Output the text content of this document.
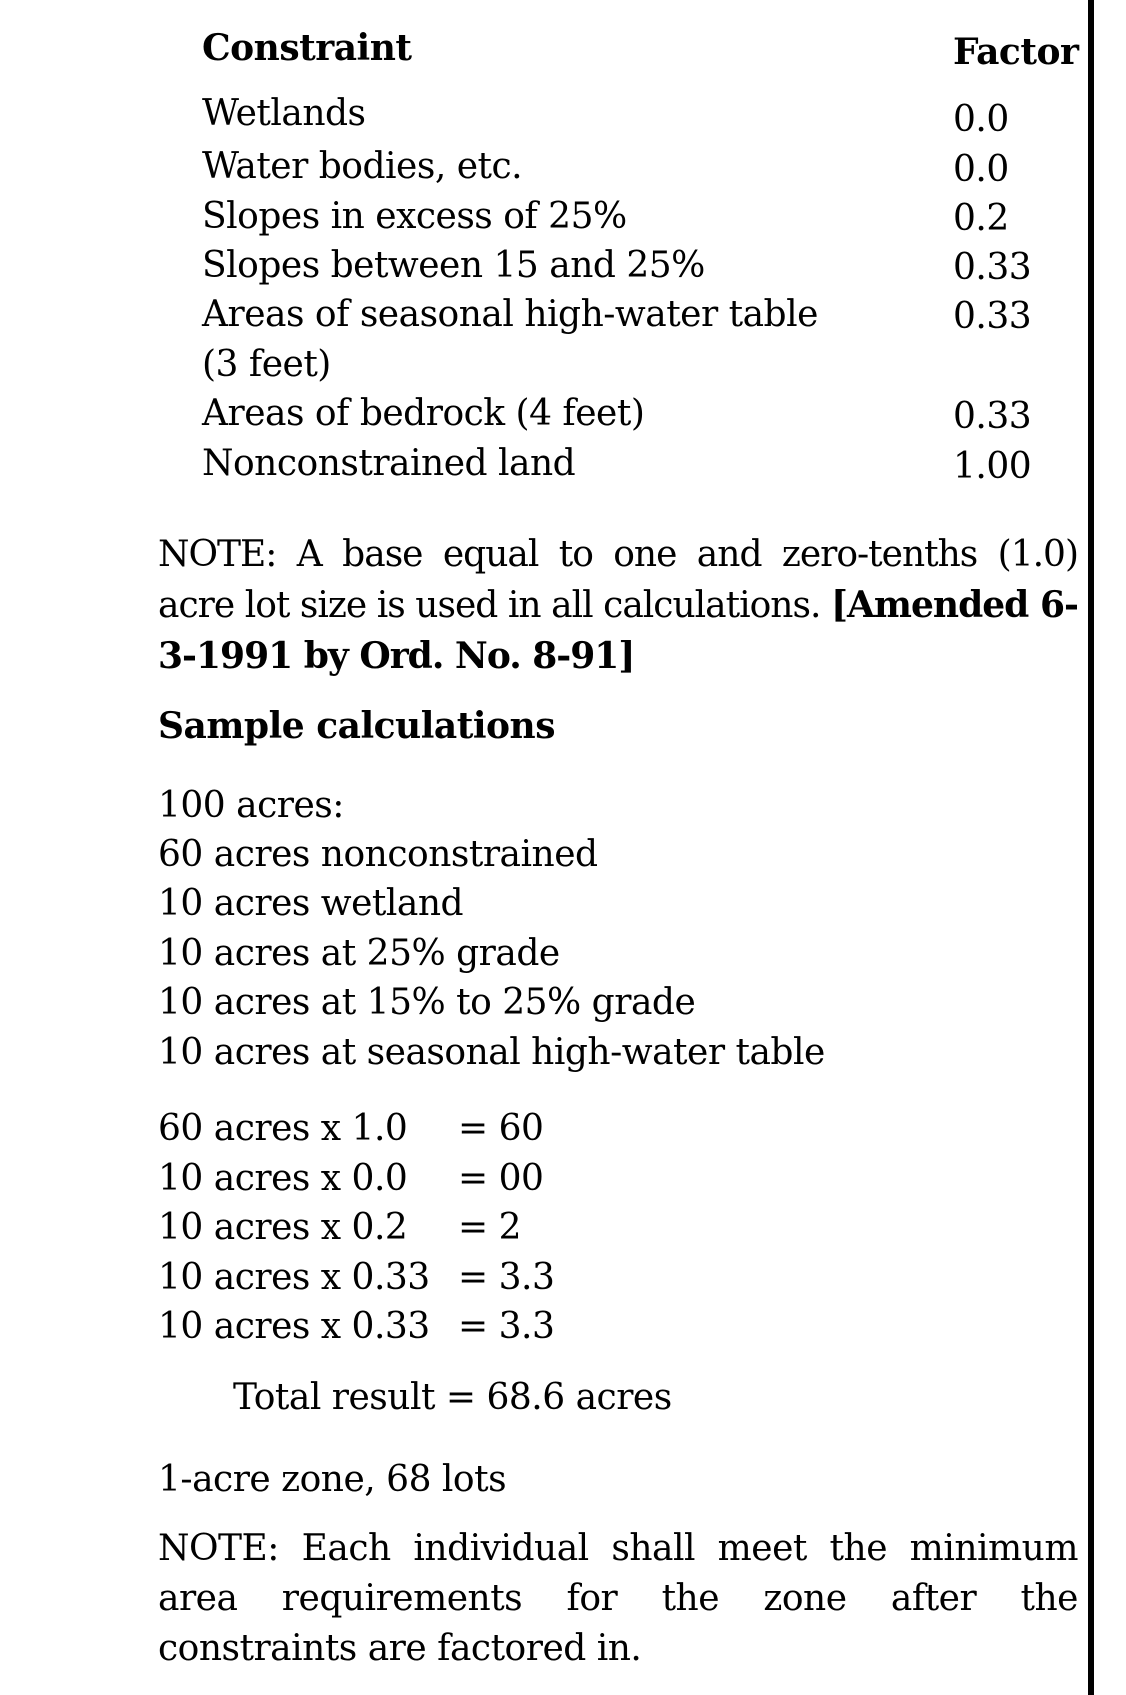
Constraint	Factor
Wetlands	0.0
Water bodies, etc.	0.0
Slopes in excess of 25%	0.2
Slopes between 15 and 25%	0.33
Areas of seasonal high-water table	0.33
(3 feet)
Areas of bedrock (4 feet)	0.33
Nonconstrained land	1.00
NOTE: A base equal to one and zero-tenths (1.0) acre lot size is used in all calculations. [Amended 6-3-1991 by Ord. No. 8-91]
Sample calculations
100 acres:
60 acres nonconstrained
10 acres wetland
10 acres at 25% grade
10 acres at 15% to 25% grade
10 acres at seasonal high-water table
60 acres x 1.0 = 60
10 acres x 0.0 = 00
10 acres x 0.2 = 2
10 acres x 0.33 = 3.3
10 acres x 0.33 = 3.3
Total result = 68.6 acres
1-acre zone, 68 lots
NOTE: Each individual shall meet the minimum area requirements for the zone after the constraints are factored in.
